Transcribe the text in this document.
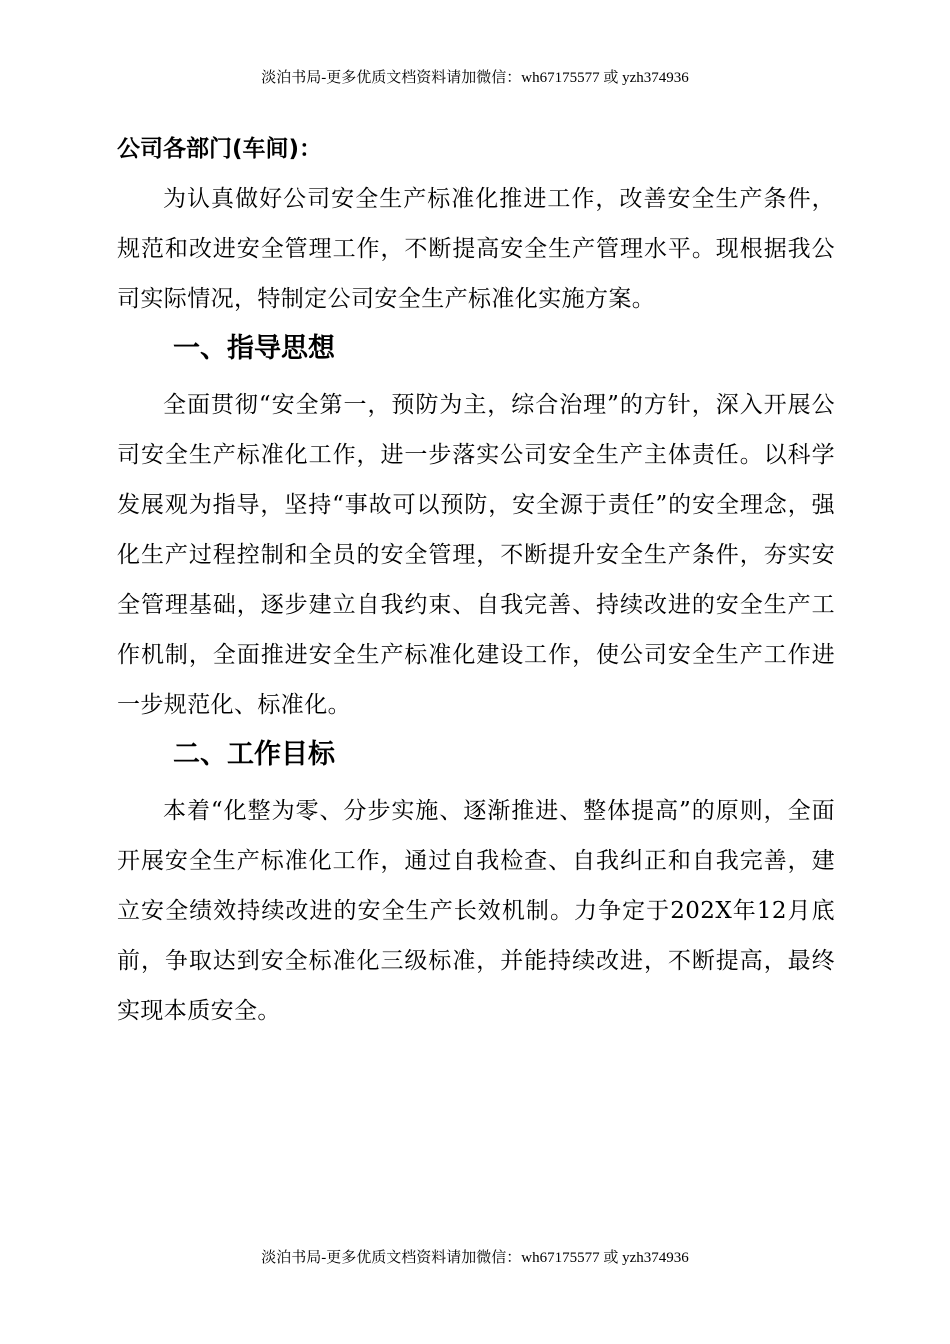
淡泊书局-更多优质文档资料请加微信：wh67175577 或 yzh374936

公司各部门(车间)：

为认真做好公司安全生产标准化推进工作，改善安全生产条件，规范和改进安全管理工作，不断提高安全生产管理水平。现根据我公司实际情况，特制定公司安全生产标准化实施方案。

一、指导思想

全面贯彻“安全第一，预防为主，综合治理”的方针，深入开展公司安全生产标准化工作，进一步落实公司安全生产主体责任。以科学发展观为指导，坚持“事故可以预防，安全源于责任”的安全理念，强化生产过程控制和全员的安全管理，不断提升安全生产条件，夯实安全管理基础，逐步建立自我约束、自我完善、持续改进的安全生产工作机制，全面推进安全生产标准化建设工作，使公司安全生产工作进一步规范化、标准化。

二、工作目标

本着“化整为零、分步实施、逐渐推进、整体提高”的原则，全面开展安全生产标准化工作，通过自我检查、自我纠正和自我完善，建立安全绩效持续改进的安全生产长效机制。力争定于202X年12月底前，争取达到安全标准化三级标准，并能持续改进，不断提高，最终实现本质安全。

淡泊书局-更多优质文档资料请加微信：wh67175577 或 yzh374936
